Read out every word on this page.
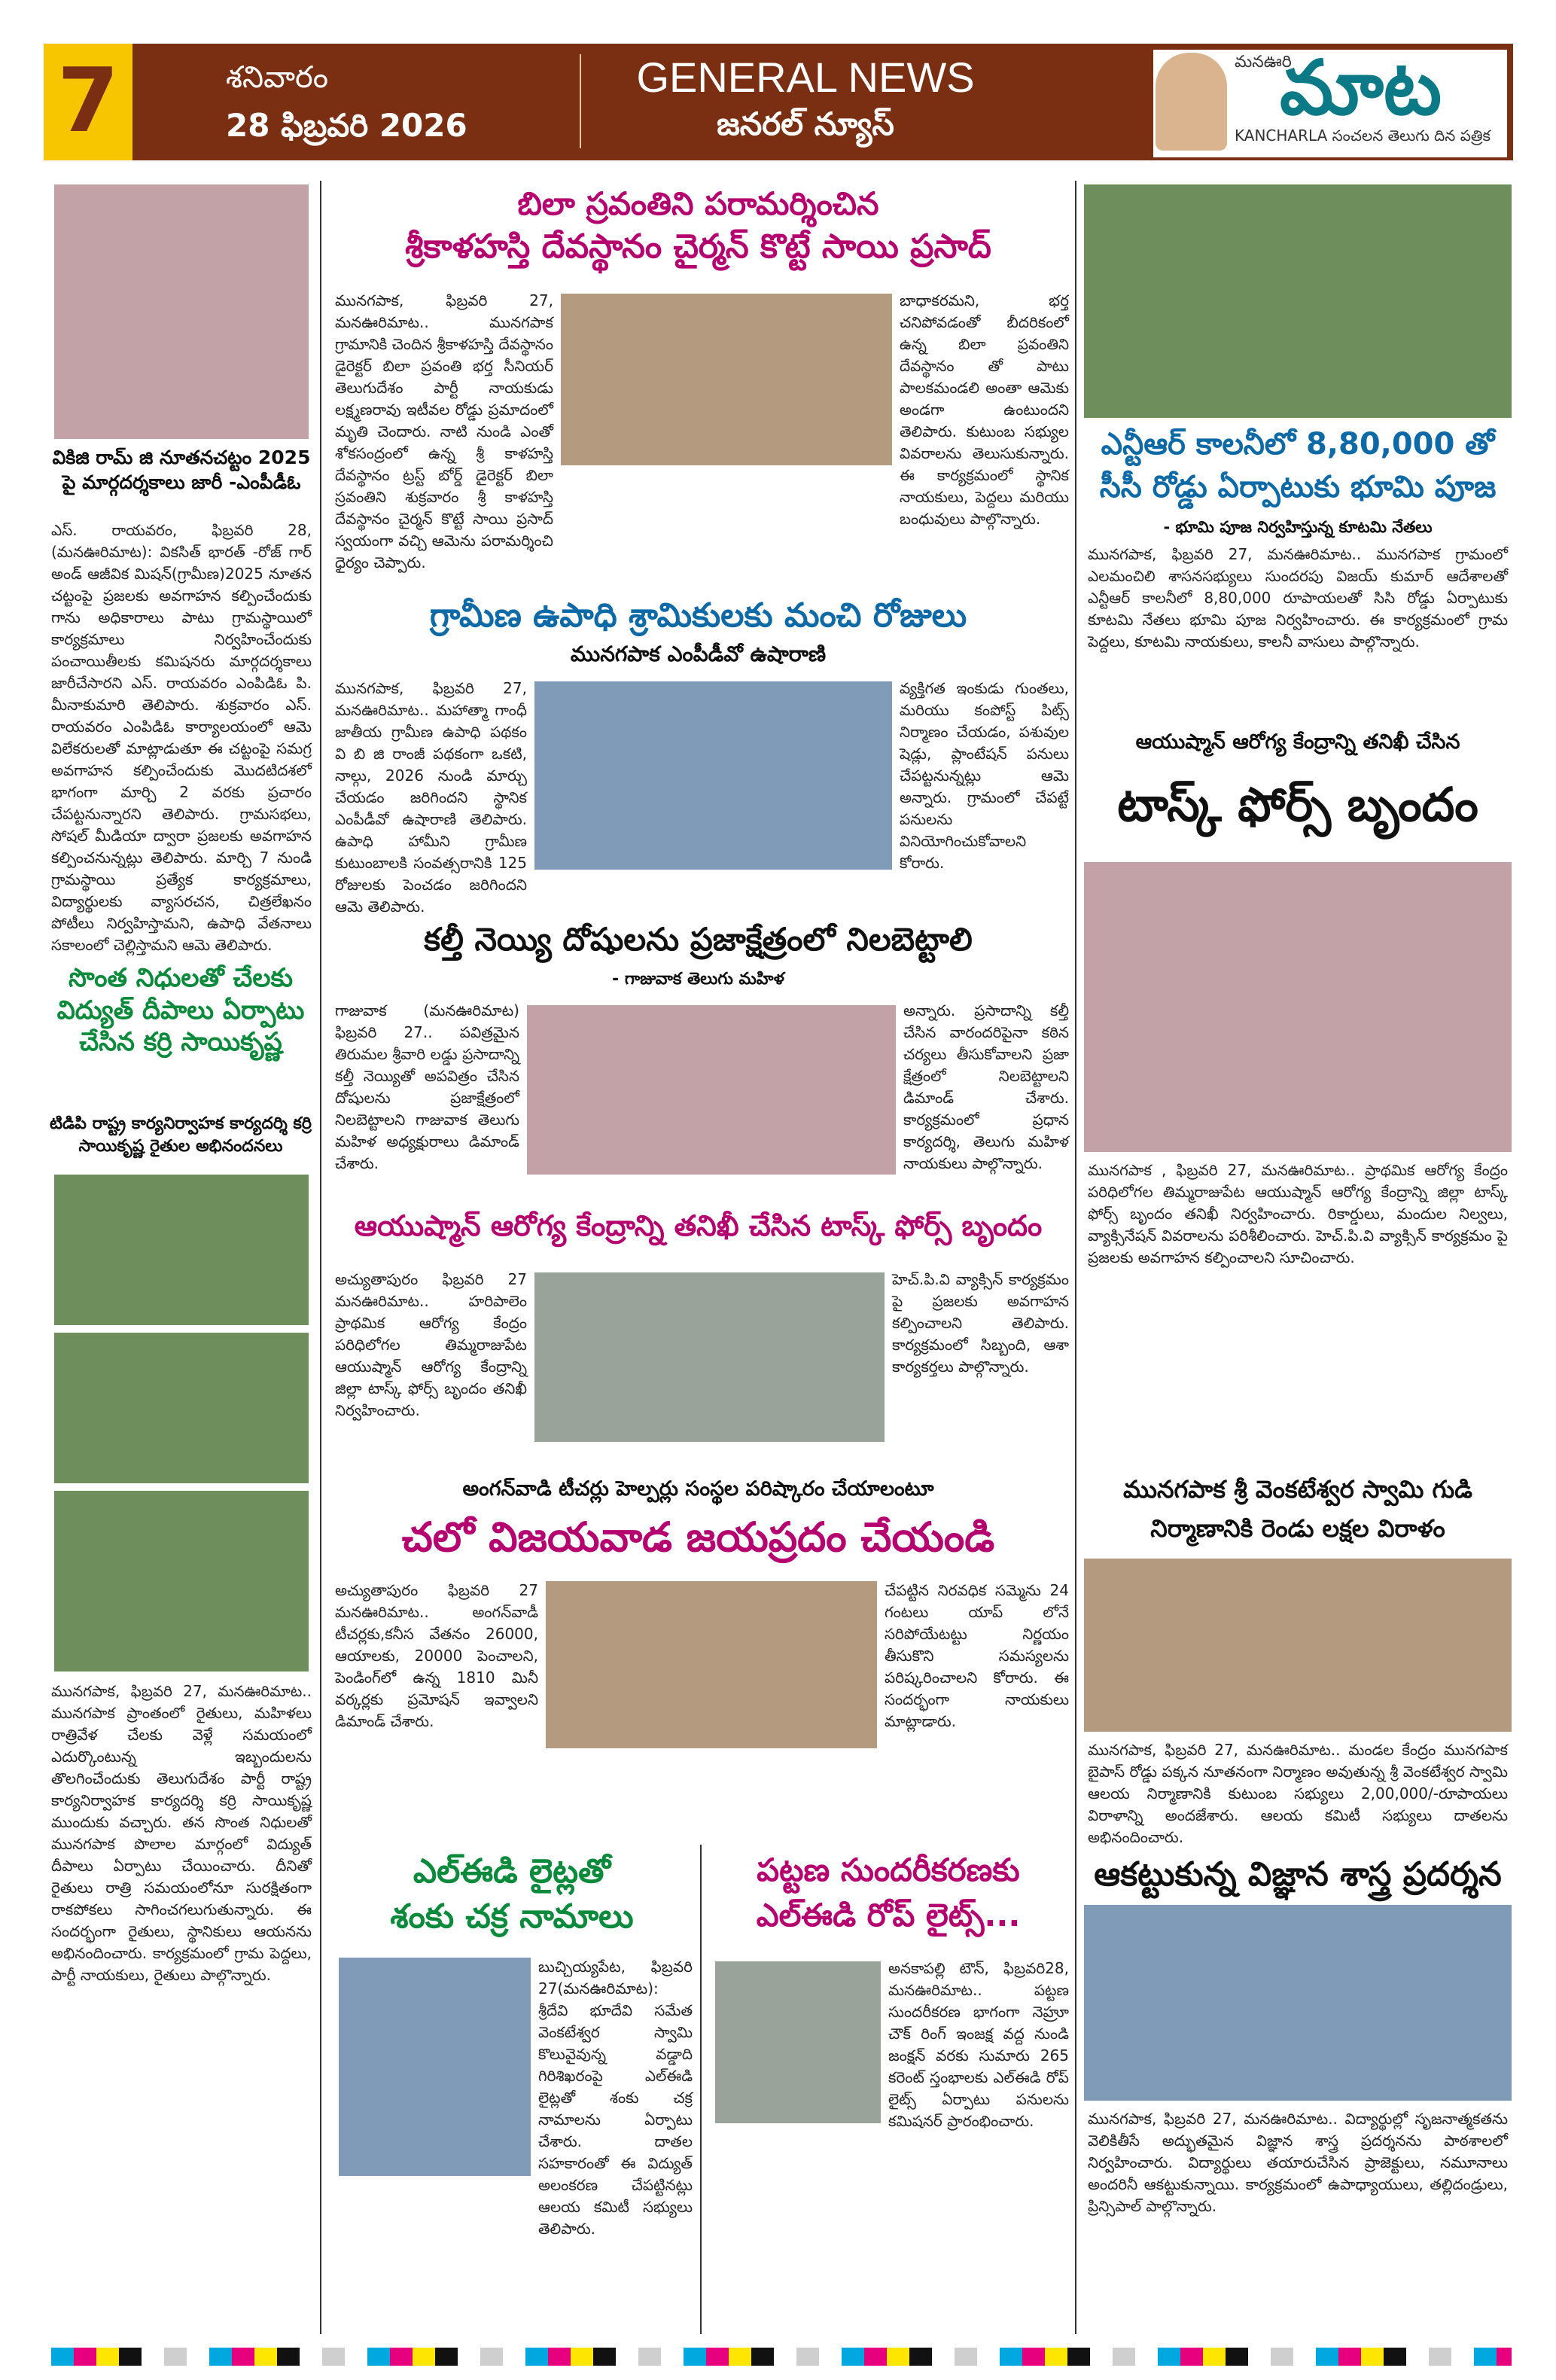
7	శనివారం
28 ఫిబ్రవరి 2026
GENERAL NEWS
జనరల్ న్యూస్
మనఊరి
మాట
KANCHARLA సంచలన తెలుగు దిన పత్రిక
వికిజి రామ్ జి నూతనచట్టం 2025 పై మార్గదర్శకాలు జారీ -ఎంపీడీఓ
ఎస్. రాయవరం, ఫిబ్రవరి 28,(మనఊరిమాట): వికసిత్ భారత్ -రోజ్ గార్ అండ్ ఆజీవిక మిషన్(గ్రామీణ)2025 నూతన చట్టంపై ప్రజలకు అవగాహన కల్పించేందుకు గాను అధికారాలు పాటు గ్రామస్థాయిలో కార్యక్రమాలు నిర్వహించేందుకు పంచాయితీలకు కమిషనరు మార్గదర్శకాలు జారీచేసారని ఎస్. రాయవరం ఎంపిడిఓ పి. మీనాకుమారి తెలిపారు. శుక్రవారం ఎస్. రాయవరం ఎంపిడిఓ కార్యాలయంలో ఆమె విలేకరులతో మాట్లాడుతూ ఈ చట్టంపై సమగ్ర అవగాహన కల్పించేందుకు మొదటిదశలో భాగంగా మార్చి 2 వరకు ప్రచారం చేపట్టనున్నారని తెలిపారు. గ్రామసభలు, సోషల్ మీడియా ద్వారా ప్రజలకు అవగాహన కల్పించనున్నట్లు తెలిపారు. మార్చి 7 నుండి గ్రామస్థాయి ప్రత్యేక కార్యక్రమాలు, విద్యార్థులకు వ్యాసరచన, చిత్రలేఖనం పోటీలు నిర్వహిస్తామని, ఉపాధి వేతనాలు సకాలంలో చెల్లిస్తామని ఆమె తెలిపారు.
సొంత నిధులతో చేలకు విద్యుత్ దీపాలు ఏర్పాటు చేసిన కర్రి సాయికృష్ణ
టిడిపి రాష్ట్ర కార్యనిర్వాహక కార్యదర్శి కర్రి సాయికృష్ణ రైతుల అభినందనలు
మునగపాక, ఫిబ్రవరి 27, మనఊరిమాట.. మునగపాక ప్రాంతంలో రైతులు, మహిళలు రాత్రివేళ చేలకు వెళ్లే సమయంలో ఎదుర్కొంటున్న ఇబ్బందులను తొలగించేందుకు తెలుగుదేశం పార్టీ రాష్ట్ర కార్యనిర్వాహక కార్యదర్శి కర్రి సాయికృష్ణ ముందుకు వచ్చారు. తన సొంత నిధులతో మునగపాక పొలాల మార్గంలో విద్యుత్ దీపాలు ఏర్పాటు చేయించారు. దీనితో రైతులు రాత్రి సమయంలోనూ సురక్షితంగా రాకపోకలు సాగించగలుగుతున్నారు. ఈ సందర్భంగా రైతులు, స్థానికులు ఆయనను అభినందించారు. కార్యక్రమంలో గ్రామ పెద్దలు, పార్టీ నాయకులు, రైతులు పాల్గొన్నారు.
బిలా స్రవంతిని పరామర్శించిన
శ్రీకాళహస్తి దేవస్థానం చైర్మన్ కొట్టే సాయి ప్రసాద్
మునగపాక, ఫిబ్రవరి 27, మనఊరిమాట.. మునగపాక గ్రామానికి చెందిన శ్రీకాళహస్తి దేవస్థానం డైరెక్టర్ బిలా ప్రవంతి భర్త సీనియర్ తెలుగుదేశం పార్టీ నాయకుడు లక్ష్మణరావు ఇటీవల రోడ్డు ప్రమాదంలో మృతి చెందారు. నాటి నుండి ఎంతో శోకసంద్రంలో ఉన్న శ్రీ కాళహస్తి దేవస్థానం ట్రస్ట్ బోర్డ్ డైరెక్టర్ బిలా స్రవంతిని శుక్రవారం శ్రీ కాళహస్తి దేవస్థానం చైర్మన్ కొట్టే సాయి ప్రసాద్ స్వయంగా వచ్చి ఆమెను పరామర్శించి ధైర్యం చెప్పారు.
బాధాకరమని, భర్త చనిపోవడంతో బీదరికంలో ఉన్న బిలా ప్రవంతిని దేవస్థానం తో పాటు పాలకమండలి అంతా ఆమెకు అండగా ఉంటుందని తెలిపారు. కుటుంబ సభ్యుల వివరాలను తెలుసుకున్నారు. ఈ కార్యక్రమంలో స్థానిక నాయకులు, పెద్దలు మరియు బంధువులు పాల్గొన్నారు.
గ్రామీణ ఉపాధి శ్రామికులకు మంచి రోజులు
మునగపాక ఎంపీడీవో ఉషారాణి
మునగపాక, ఫిబ్రవరి 27, మనఊరిమాట.. మహాత్మా గాంధీ జాతీయ గ్రామీణ ఉపాధి పథకం వి బి జి రాంజీ పథకంగా ఒకటి, నాల్గు, 2026 నుండి మార్చు చేయడం జరిగిందని స్థానిక ఎంపీడీవో ఉషారాణి తెలిపారు. ఉపాధి హామీని గ్రామీణ కుటుంబాలకి సంవత్సరానికి 125 రోజులకు పెంచడం జరిగిందని ఆమె తెలిపారు.
వ్యక్తిగత ఇంకుడు గుంతలు, మరియు కంపోస్ట్ పిట్స్ నిర్మాణం చేయడం, పశువుల షెడ్లు, ప్లాంటేషన్ పనులు చేపట్టనున్నట్లు ఆమె అన్నారు. గ్రామంలో చేపట్టే పనులను వినియోగించుకోవాలని కోరారు.
కల్తీ నెయ్యి దోషులను ప్రజాక్షేత్రంలో నిలబెట్టాలి
- గాజువాక తెలుగు మహిళ
గాజువాక (మనఊరిమాట) ఫిబ్రవరి 27.. పవిత్రమైన తిరుమల శ్రీవారి లడ్డు ప్రసాదాన్ని కల్తీ నెయ్యితో అపవిత్రం చేసిన దోషులను ప్రజాక్షేత్రంలో నిలబెట్టాలని గాజువాక తెలుగు మహిళ అధ్యక్షురాలు డిమాండ్ చేశారు.
అన్నారు. ప్రసాదాన్ని కల్తీ చేసిన వారందరిపైనా కఠిన చర్యలు తీసుకోవాలని ప్రజా క్షేత్రంలో నిలబెట్టాలని డిమాండ్ చేశారు. కార్యక్రమంలో ప్రధాన కార్యదర్శి, తెలుగు మహిళ నాయకులు పాల్గొన్నారు.
ఆయుష్మాన్ ఆరోగ్య కేంద్రాన్ని తనిఖీ చేసిన టాస్క్ ఫోర్స్ బృందం
అచ్యుతాపురం ఫిబ్రవరి 27 మనఊరిమాట.. హరిపాలెం ప్రాథమిక ఆరోగ్య కేంద్రం పరిధిలోగల తిమ్మరాజుపేట ఆయుష్మాన్ ఆరోగ్య కేంద్రాన్ని జిల్లా టాస్క్ ఫోర్స్ బృందం తనిఖీ నిర్వహించారు.
హెచ్.పి.వి వ్యాక్సిన్ కార్యక్రమం పై ప్రజలకు అవగాహన కల్పించాలని తెలిపారు. కార్యక్రమంలో సిబ్బంది, ఆశా కార్యకర్తలు పాల్గొన్నారు.
అంగన్‌వాడి టీచర్లు హెల్పర్లు సంస్థల పరిష్కారం చేయాలంటూ
చలో విజయవాడ జయప్రదం చేయండి
అచ్యుతాపురం ఫిబ్రవరి 27 మనఊరిమాట.. అంగన్‌వాడీ టీచర్లకు,కనీస వేతనం 26000, ఆయాలకు, 20000 పెంచాలని, పెండింగ్‌లో ఉన్న 1810 మినీ వర్కర్లకు ప్రమోషన్ ఇవ్వాలని డిమాండ్ చేశారు.
చేపట్టిన నిరవధిక సమ్మెను 24 గంటలు యాప్ లోనే సరిపోయేటట్టు నిర్ణయం తీసుకొని సమస్యలను పరిష్కరించాలని కోరారు. ఈ సందర్భంగా నాయకులు మాట్లాడారు.
ఎల్ఈడి లైట్లతో
శంకు చక్ర నామాలు
బుచ్చియ్యపేట, ఫిబ్రవరి 27(మనఊరిమాట): శ్రీదేవి భూదేవి సమేత వెంకటేశ్వర స్వామి కొలువైవున్న వడ్డాది గిరిశిఖరంపై ఎల్ఈడి లైట్లతో శంకు చక్ర నామాలను ఏర్పాటు చేశారు. దాతల సహకారంతో ఈ విద్యుత్ అలంకరణ చేపట్టినట్లు ఆలయ కమిటీ సభ్యులు తెలిపారు.
పట్టణ సుందరీకరణకు
ఎల్ఈడి రోప్ లైట్స్...
అనకాపల్లి టౌన్, ఫిబ్రవరి28, మనఊరిమాట.. పట్టణ సుందరీకరణ భాగంగా నెహ్రూ చౌక్ రింగ్ ఇంజక్ష వద్ద నుండి జంక్షన్ వరకు సుమారు 265 కరెంట్ స్తంభాలకు ఎల్ఈడి రోప్ లైట్స్ ఏర్పాటు పనులను కమిషనర్ ప్రారంభించారు.
ఎన్టీఆర్ కాలనీలో 8,80,000 తో
సీసీ రోడ్డు ఏర్పాటుకు భూమి పూజ
- భూమి పూజ నిర్వహిస్తున్న కూటమి నేతలు
మునగపాక, ఫిబ్రవరి 27, మనఊరిమాట.. మునగపాక గ్రామంలో ఎలమంచిలి శాసనసభ్యులు సుందరపు విజయ్ కుమార్ ఆదేశాలతో ఎన్టీఆర్ కాలనీలో 8,80,000 రూపాయలతో సిసి రోడ్డు ఏర్పాటుకు కూటమి నేతలు భూమి పూజ నిర్వహించారు. ఈ కార్యక్రమంలో గ్రామ పెద్దలు, కూటమి నాయకులు, కాలనీ వాసులు పాల్గొన్నారు.
ఆయుష్మాన్ ఆరోగ్య కేంద్రాన్ని తనిఖీ చేసిన
టాస్క్ ఫోర్స్ బృందం
మునగపాక , ఫిబ్రవరి 27, మనఊరిమాట.. ప్రాథమిక ఆరోగ్య కేంద్రం పరిధిలోగల తిమ్మరాజుపేట ఆయుష్మాన్ ఆరోగ్య కేంద్రాన్ని జిల్లా టాస్క్ ఫోర్స్ బృందం తనిఖీ నిర్వహించారు. రికార్డులు, మందుల నిల్వలు, వ్యాక్సినేషన్ వివరాలను పరిశీలించారు. హెచ్.పి.వి వ్యాక్సిన్ కార్యక్రమం పై ప్రజలకు అవగాహన కల్పించాలని సూచించారు.
మునగపాక శ్రీ వెంకటేశ్వర స్వామి గుడి
నిర్మాణానికి రెండు లక్షల విరాళం
మునగపాక, ఫిబ్రవరి 27, మనఊరిమాట.. మండల కేంద్రం మునగపాక బైపాస్ రోడ్డు పక్కన నూతనంగా నిర్మాణం అవుతున్న శ్రీ వెంకటేశ్వర స్వామి ఆలయ నిర్మాణానికి కుటుంబ సభ్యులు 2,00,000/-రూపాయలు విరాళాన్ని అందజేశారు. ఆలయ కమిటీ సభ్యులు దాతలను అభినందించారు.
ఆకట్టుకున్న విజ్ఞాన శాస్త్ర ప్రదర్శన
మునగపాక, ఫిబ్రవరి 27, మనఊరిమాట.. విద్యార్థుల్లో సృజనాత్మకతను వెలికితీసే అద్భుతమైన విజ్ఞాన శాస్త్ర ప్రదర్శనను పాఠశాలలో నిర్వహించారు. విద్యార్థులు తయారుచేసిన ప్రాజెక్టులు, నమూనాలు అందరినీ ఆకట్టుకున్నాయి. కార్యక్రమంలో ఉపాధ్యాయులు, తల్లిదండ్రులు, ప్రిన్సిపాల్ పాల్గొన్నారు.
